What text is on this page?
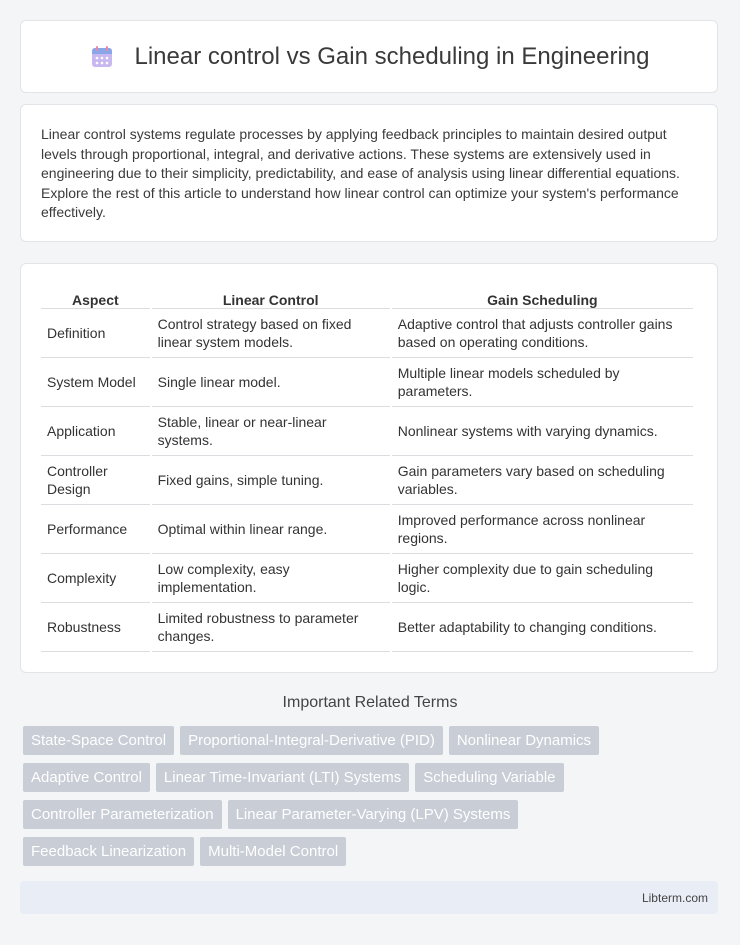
Linear control vs Gain scheduling in Engineering

Linear control systems regulate processes by applying feedback principles to maintain desired output levels through proportional, integral, and derivative actions. These systems are extensively used in engineering due to their simplicity, predictability, and ease of analysis using linear differential equations. Explore the rest of this article to understand how linear control can optimize your system's performance effectively.

Aspect	Linear Control	Gain Scheduling
Definition	Control strategy based on fixed linear system models.	Adaptive control that adjusts controller gains based on operating conditions.
System Model	Single linear model.	Multiple linear models scheduled by parameters.
Application	Stable, linear or near-linear systems.	Nonlinear systems with varying dynamics.
Controller Design	Fixed gains, simple tuning.	Gain parameters vary based on scheduling variables.
Performance	Optimal within linear range.	Improved performance across nonlinear regions.
Complexity	Low complexity, easy implementation.	Higher complexity due to gain scheduling logic.
Robustness	Limited robustness to parameter changes.	Better adaptability to changing conditions.
Important Related Terms
State-Space Control	Proportional-Integral-Derivative (PID)	Nonlinear Dynamics
Adaptive Control	Linear Time-Invariant (LTI) Systems	Scheduling Variable
Controller Parameterization	Linear Parameter-Varying (LPV) Systems
Feedback Linearization	Multi-Model Control
Libterm.com
